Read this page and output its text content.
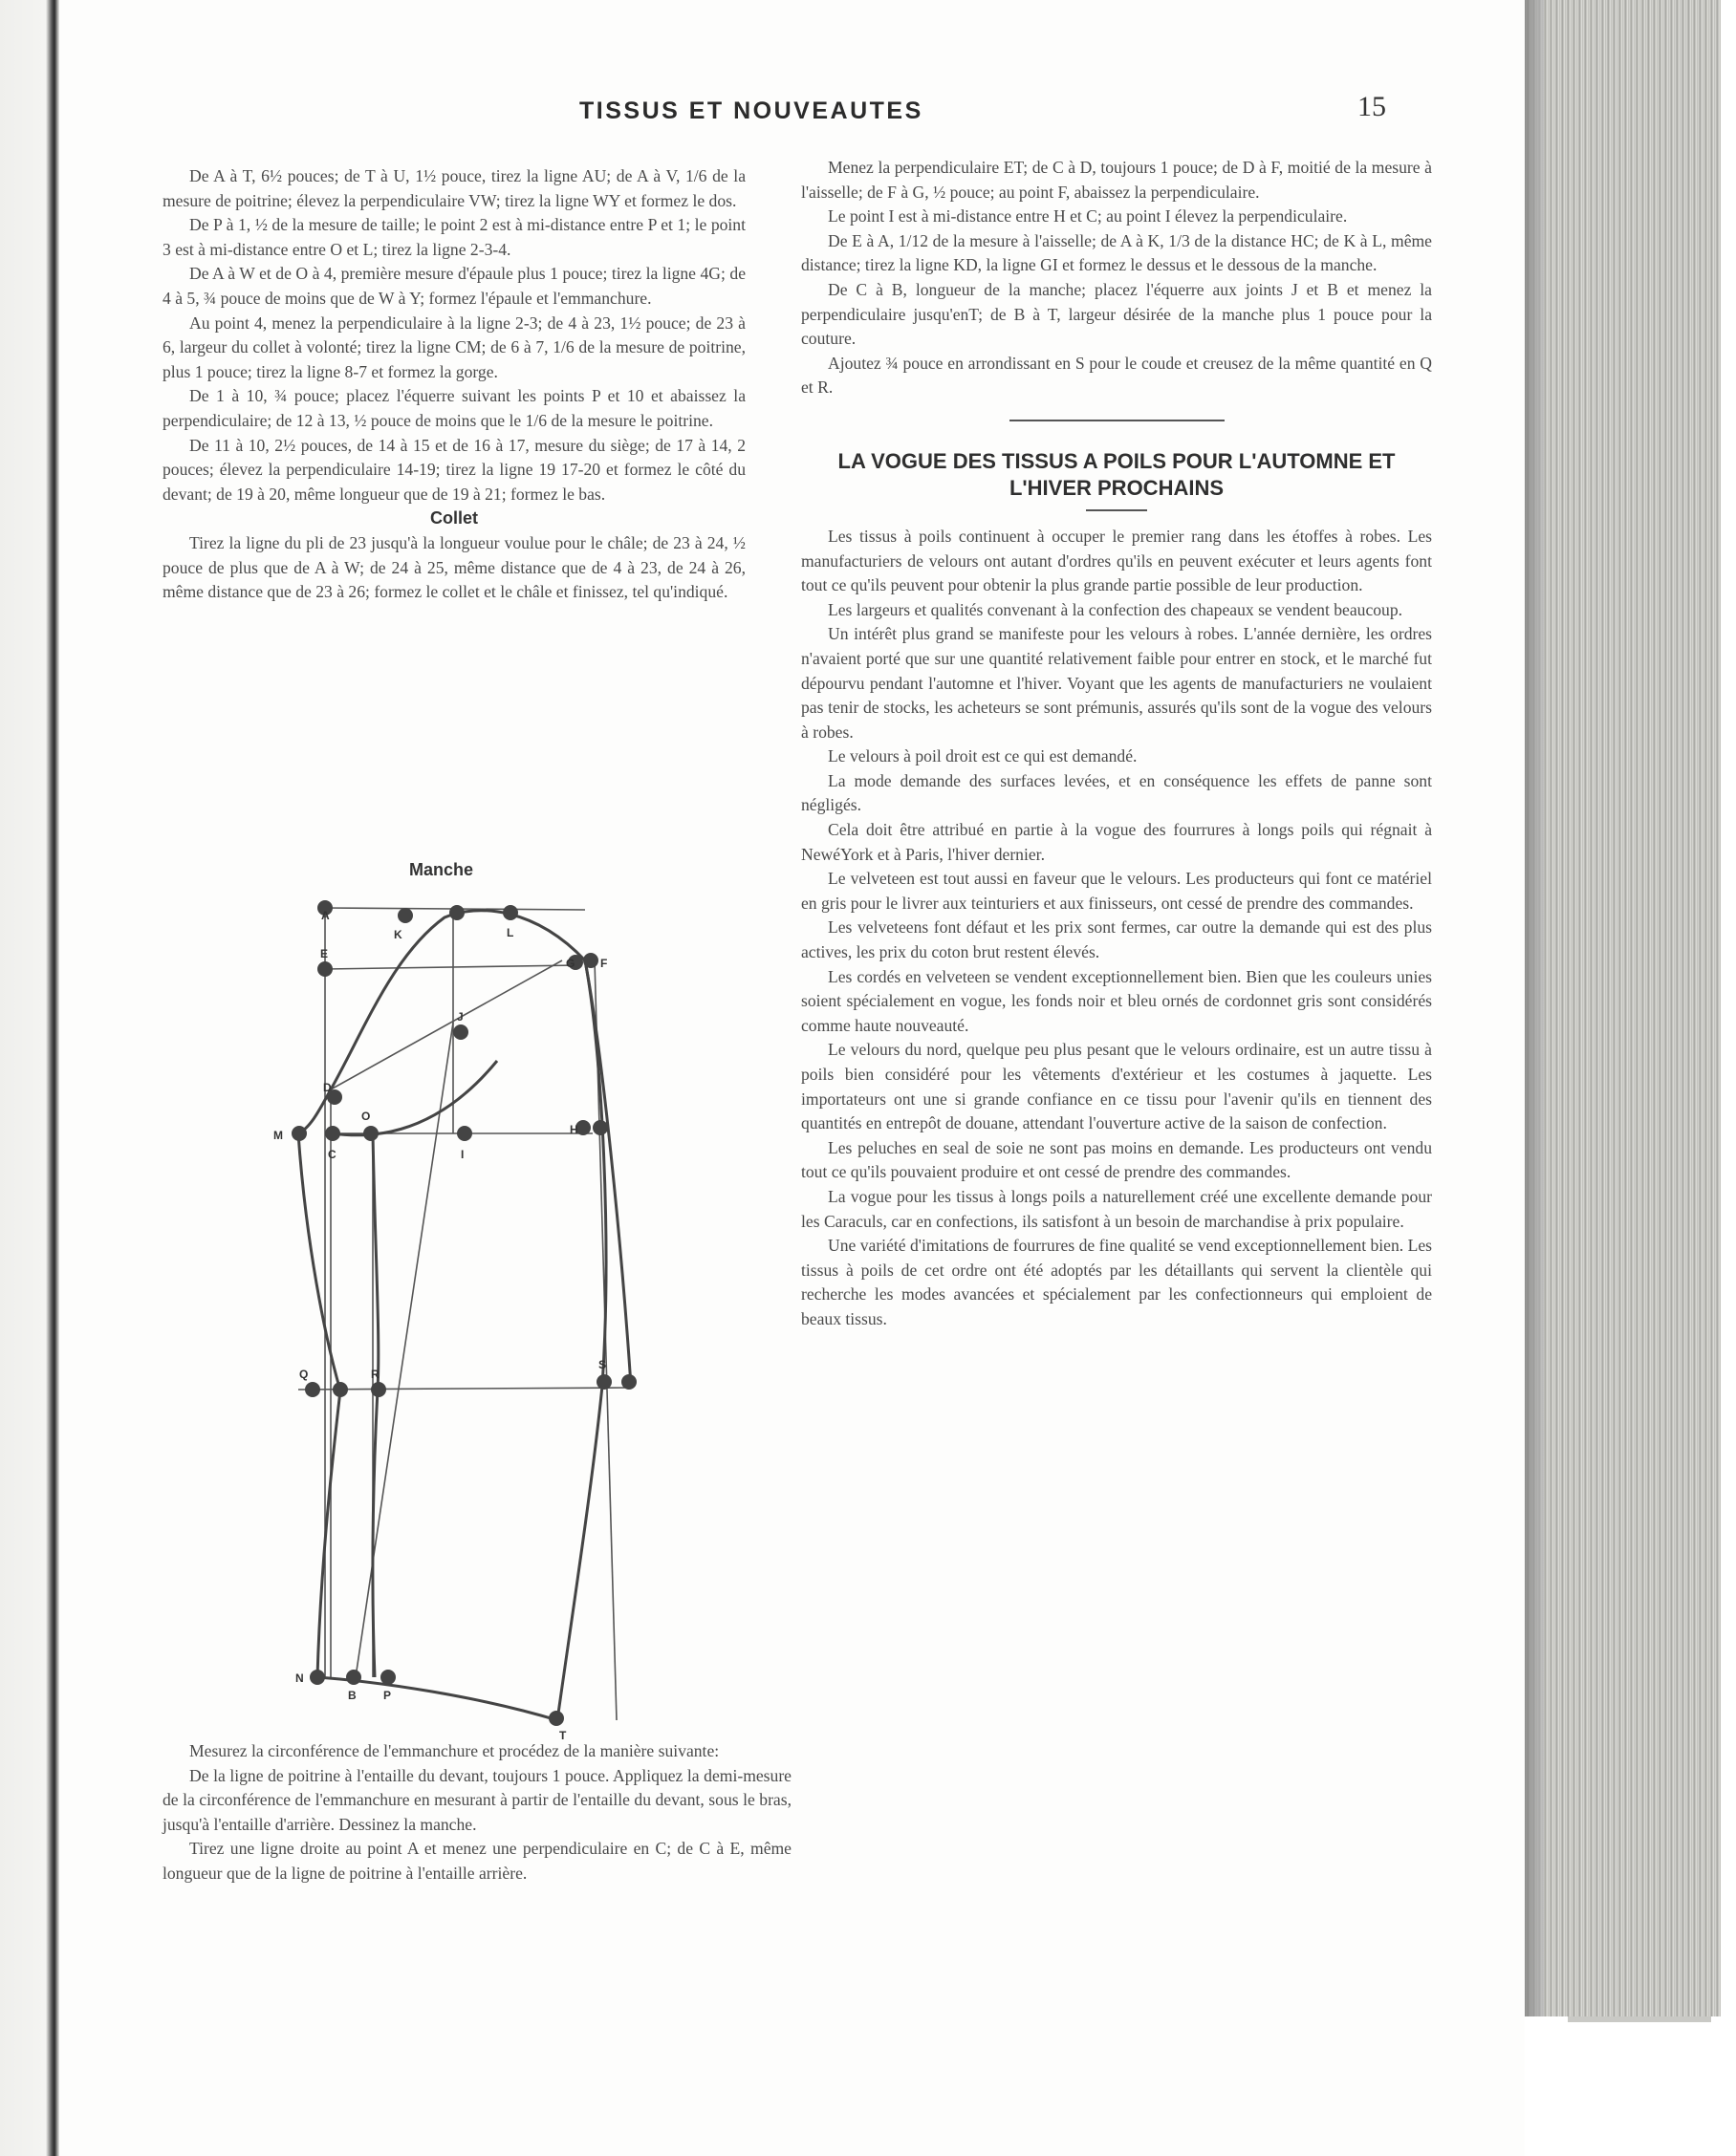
TISSUS ET NOUVEAUTES	15

De A à T, 6½ pouces; de T à U, 1½ pouce, tirez la ligne AU; de A à V, 1/6 de la mesure de poitrine; élevez la perpendiculaire VW; tirez la ligne WY et formez le dos.

De P à 1, ½ de la mesure de taille; le point 2 est à mi-distance entre P et 1; le point 3 est à mi-distance entre O et L; tirez la ligne 2-3-4.

De A à W et de O à 4, première mesure d'épaule plus 1 pouce; tirez la ligne 4G; de 4 à 5, ¾ pouce de moins que de W à Y; formez l'épaule et l'emmanchure.

Au point 4, menez la perpendiculaire à la ligne 2-3; de 4 à 23, 1½ pouce; de 23 à 6, largeur du collet à volonté; tirez la ligne CM; de 6 à 7, 1/6 de la mesure de poitrine, plus 1 pouce; tirez la ligne 8-7 et formez la gorge.

De 1 à 10, ¾ pouce; placez l'équerre suivant les points P et 10 et abaissez la perpendiculaire; de 12 à 13, ½ pouce de moins que le 1/6 de la mesure le poitrine.

De 11 à 10, 2½ pouces, de 14 à 15 et de 16 à 17, mesure du siège; de 17 à 14, 2 pouces; élevez la perpendiculaire 14-19; tirez la ligne 19 17-20 et formez le côté du devant; de 19 à 20, même longueur que de 19 à 21; formez le bas.

Collet

Tirez la ligne du pli de 23 jusqu'à la longueur voulue pour le châle; de 23 à 24, ½ pouce de plus que de A à W; de 24 à 25, même distance que de 4 à 23, de 24 à 26, même distance que de 23 à 26; formez le collet et le châle et finissez, tel qu'indiqué.

Manche
A
K	L
E
G F
J
D
O
M
C	I
H
Q	R
S
N
B P
T

Mesurez la circonférence de l'emmanchure et procédez de la manière suivante:

De la ligne de poitrine à l'entaille du devant, toujours 1 pouce. Appliquez la demi-mesure de la circonférence de l'emmanchure en mesurant à partir de l'entaille du devant, sous le bras, jusqu'à l'entaille d'arrière. Dessinez la manche.

Tirez une ligne droite au point A et menez une perpendiculaire en C; de C à E, même longueur que de la ligne de poitrine à l'entaille arrière.

Menez la perpendiculaire ET; de C à D, toujours 1 pouce; de D à F, moitié de la mesure à l'aisselle; de F à G, ½ pouce; au point F, abaissez la perpendiculaire.

Le point I est à mi-distance entre H et C; au point I élevez la perpendiculaire.

De E à A, 1/12 de la mesure à l'aisselle; de A à K, 1/3 de la distance HC; de K à L, même distance; tirez la ligne KD, la ligne GI et formez le dessus et le dessous de la manche.

De C à B, longueur de la manche; placez l'équerre aux joints J et B et menez la perpendiculaire jusqu'enT; de B à T, largeur désirée de la manche plus 1 pouce pour la couture.

Ajoutez ¾ pouce en arrondissant en S pour le coude et creusez de la même quantité en Q et R.

LA VOGUE DES TISSUS A POILS POUR L'AUTOMNE ET L'HIVER PROCHAINS

Les tissus à poils continuent à occuper le premier rang dans les étoffes à robes. Les manufacturiers de velours ont autant d'ordres qu'ils en peuvent exécuter et leurs agents font tout ce qu'ils peuvent pour obtenir la plus grande partie possible de leur production.

Les largeurs et qualités convenant à la confection des chapeaux se vendent beaucoup.

Un intérêt plus grand se manifeste pour les velours à robes. L'année dernière, les ordres n'avaient porté que sur une quantité relativement faible pour entrer en stock, et le marché fut dépourvu pendant l'automne et l'hiver. Voyant que les agents de manufacturiers ne voulaient pas tenir de stocks, les acheteurs se sont prémunis, assurés qu'ils sont de la vogue des velours à robes.

Le velours à poil droit est ce qui est demandé.

La mode demande des surfaces levées, et en conséquence les effets de panne sont négligés.

Cela doit être attribué en partie à la vogue des fourrures à longs poils qui régnait à NewéYork et à Paris, l'hiver dernier.

Le velveteen est tout aussi en faveur que le velours. Les producteurs qui font ce matériel en gris pour le livrer aux teinturiers et aux finisseurs, ont cessé de prendre des commandes.

Les velveteens font défaut et les prix sont fermes, car outre la demande qui est des plus actives, les prix du coton brut restent élevés.

Les cordés en velveteen se vendent exceptionnellement bien. Bien que les couleurs unies soient spécialement en vogue, les fonds noir et bleu ornés de cordonnet gris sont considérés comme haute nouveauté.

Le velours du nord, quelque peu plus pesant que le velours ordinaire, est un autre tissu à poils bien considéré pour les vêtements d'extérieur et les costumes à jaquette. Les importateurs ont une si grande confiance en ce tissu pour l'avenir qu'ils en tiennent des quantités en entrepôt de douane, attendant l'ouverture active de la saison de confection.

Les peluches en seal de soie ne sont pas moins en demande. Les producteurs ont vendu tout ce qu'ils pouvaient produire et ont cessé de prendre des commandes.

La vogue pour les tissus à longs poils a naturellement créé une excellente demande pour les Caraculs, car en confections, ils satisfont à un besoin de marchandise à prix populaire.

Une variété d'imitations de fourrures de fine qualité se vend exceptionnellement bien. Les tissus à poils de cet ordre ont été adoptés par les détaillants qui servent la clientèle qui recherche les modes avancées et spécialement par les confectionneurs qui emploient de beaux tissus.
